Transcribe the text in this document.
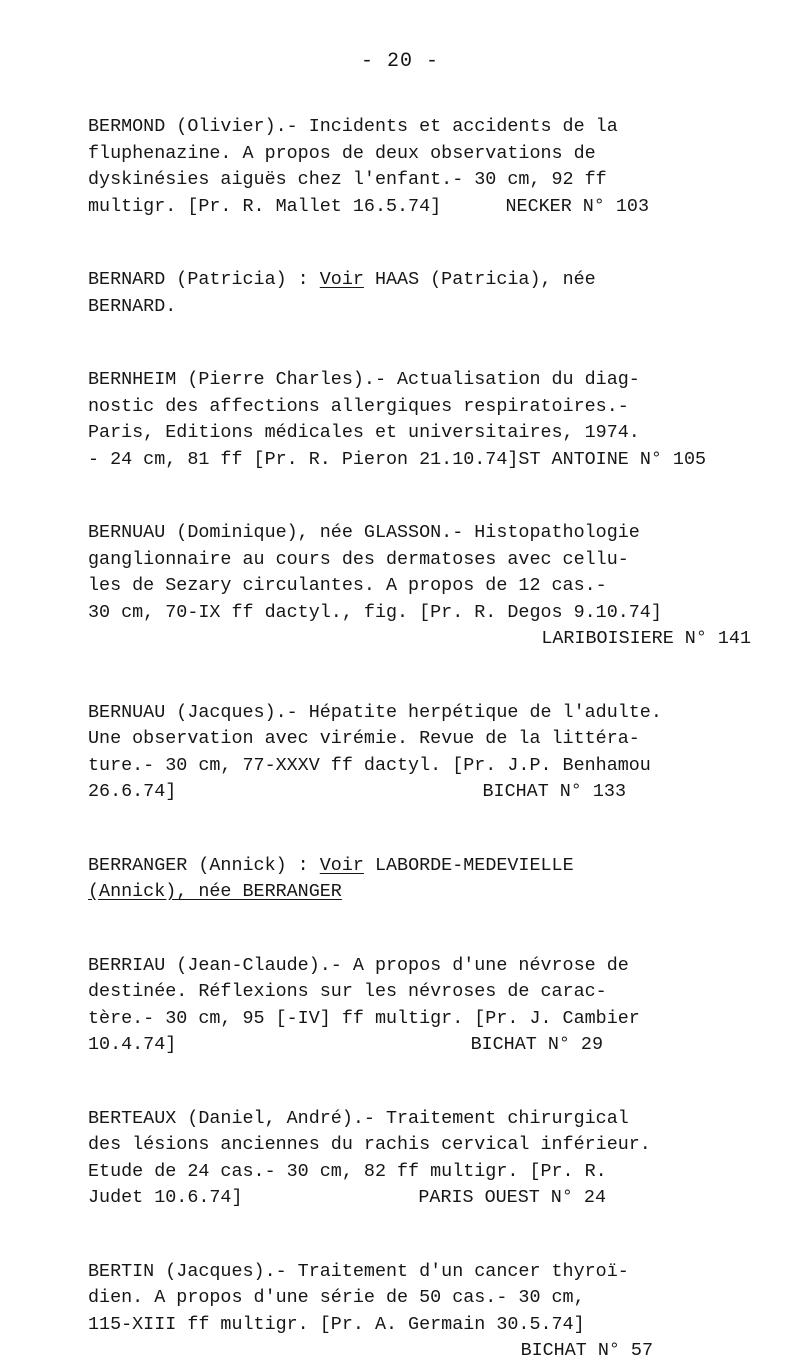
- 20 -
BERMOND (Olivier).- Incidents et accidents de la
fluphenazine. A propos de deux observations de
dyskinésies aiguës chez l'enfant.- 30 cm, 92 ff
multigr. [Pr. R. Mallet 16.5.74]	NECKER N° 103
BERNARD (Patricia) : Voir HAAS (Patricia), née
BERNARD.
BERNHEIM (Pierre Charles).- Actualisation du diag-
nostic des affections allergiques respiratoires.-
Paris, Editions médicales et universitaires, 1974.
- 24 cm, 81 ff [Pr. R. Pieron 21.10.74] ST ANTOINE N° 105
BERNUAU (Dominique), née GLASSON.- Histopathologie
ganglionnaire au cours des dermatoses avec cellu-
les de Sezary circulantes. A propos de 12 cas.-
30 cm, 70-IX ff dactyl., fig. [Pr. R. Degos 9.10.74]
LARIBOISIERE N° 141
BERNUAU (Jacques).- Hépatite herpétique de l'adulte.
Une observation avec virémie. Revue de la littéra-
ture.- 30 cm, 77-XXXV ff dactyl. [Pr. J.P. Benhamou
26.6.74]	BICHAT N° 133
BERRANGER (Annick) : Voir LABORDE-MEDEVIELLE
(Annick), née BERRANGER
BERRIAU (Jean-Claude).- A propos d'une névrose de
destinée. Réflexions sur les névroses de carac-
tère.- 30 cm, 95 [-IV] ff multigr. [Pr. J. Cambier
10.4.74]	BICHAT N° 29
BERTEAUX (Daniel, André).- Traitement chirurgical
des lésions anciennes du rachis cervical inférieur.
Etude de 24 cas.- 30 cm, 82 ff multigr. [Pr. R.
Judet 10.6.74]	PARIS OUEST N° 24
BERTIN (Jacques).- Traitement d'un cancer thyroï-
dien. A propos d'une série de 50 cas.- 30 cm,
115-XIII ff multigr. [Pr. A. Germain 30.5.74]
BICHAT N° 57
